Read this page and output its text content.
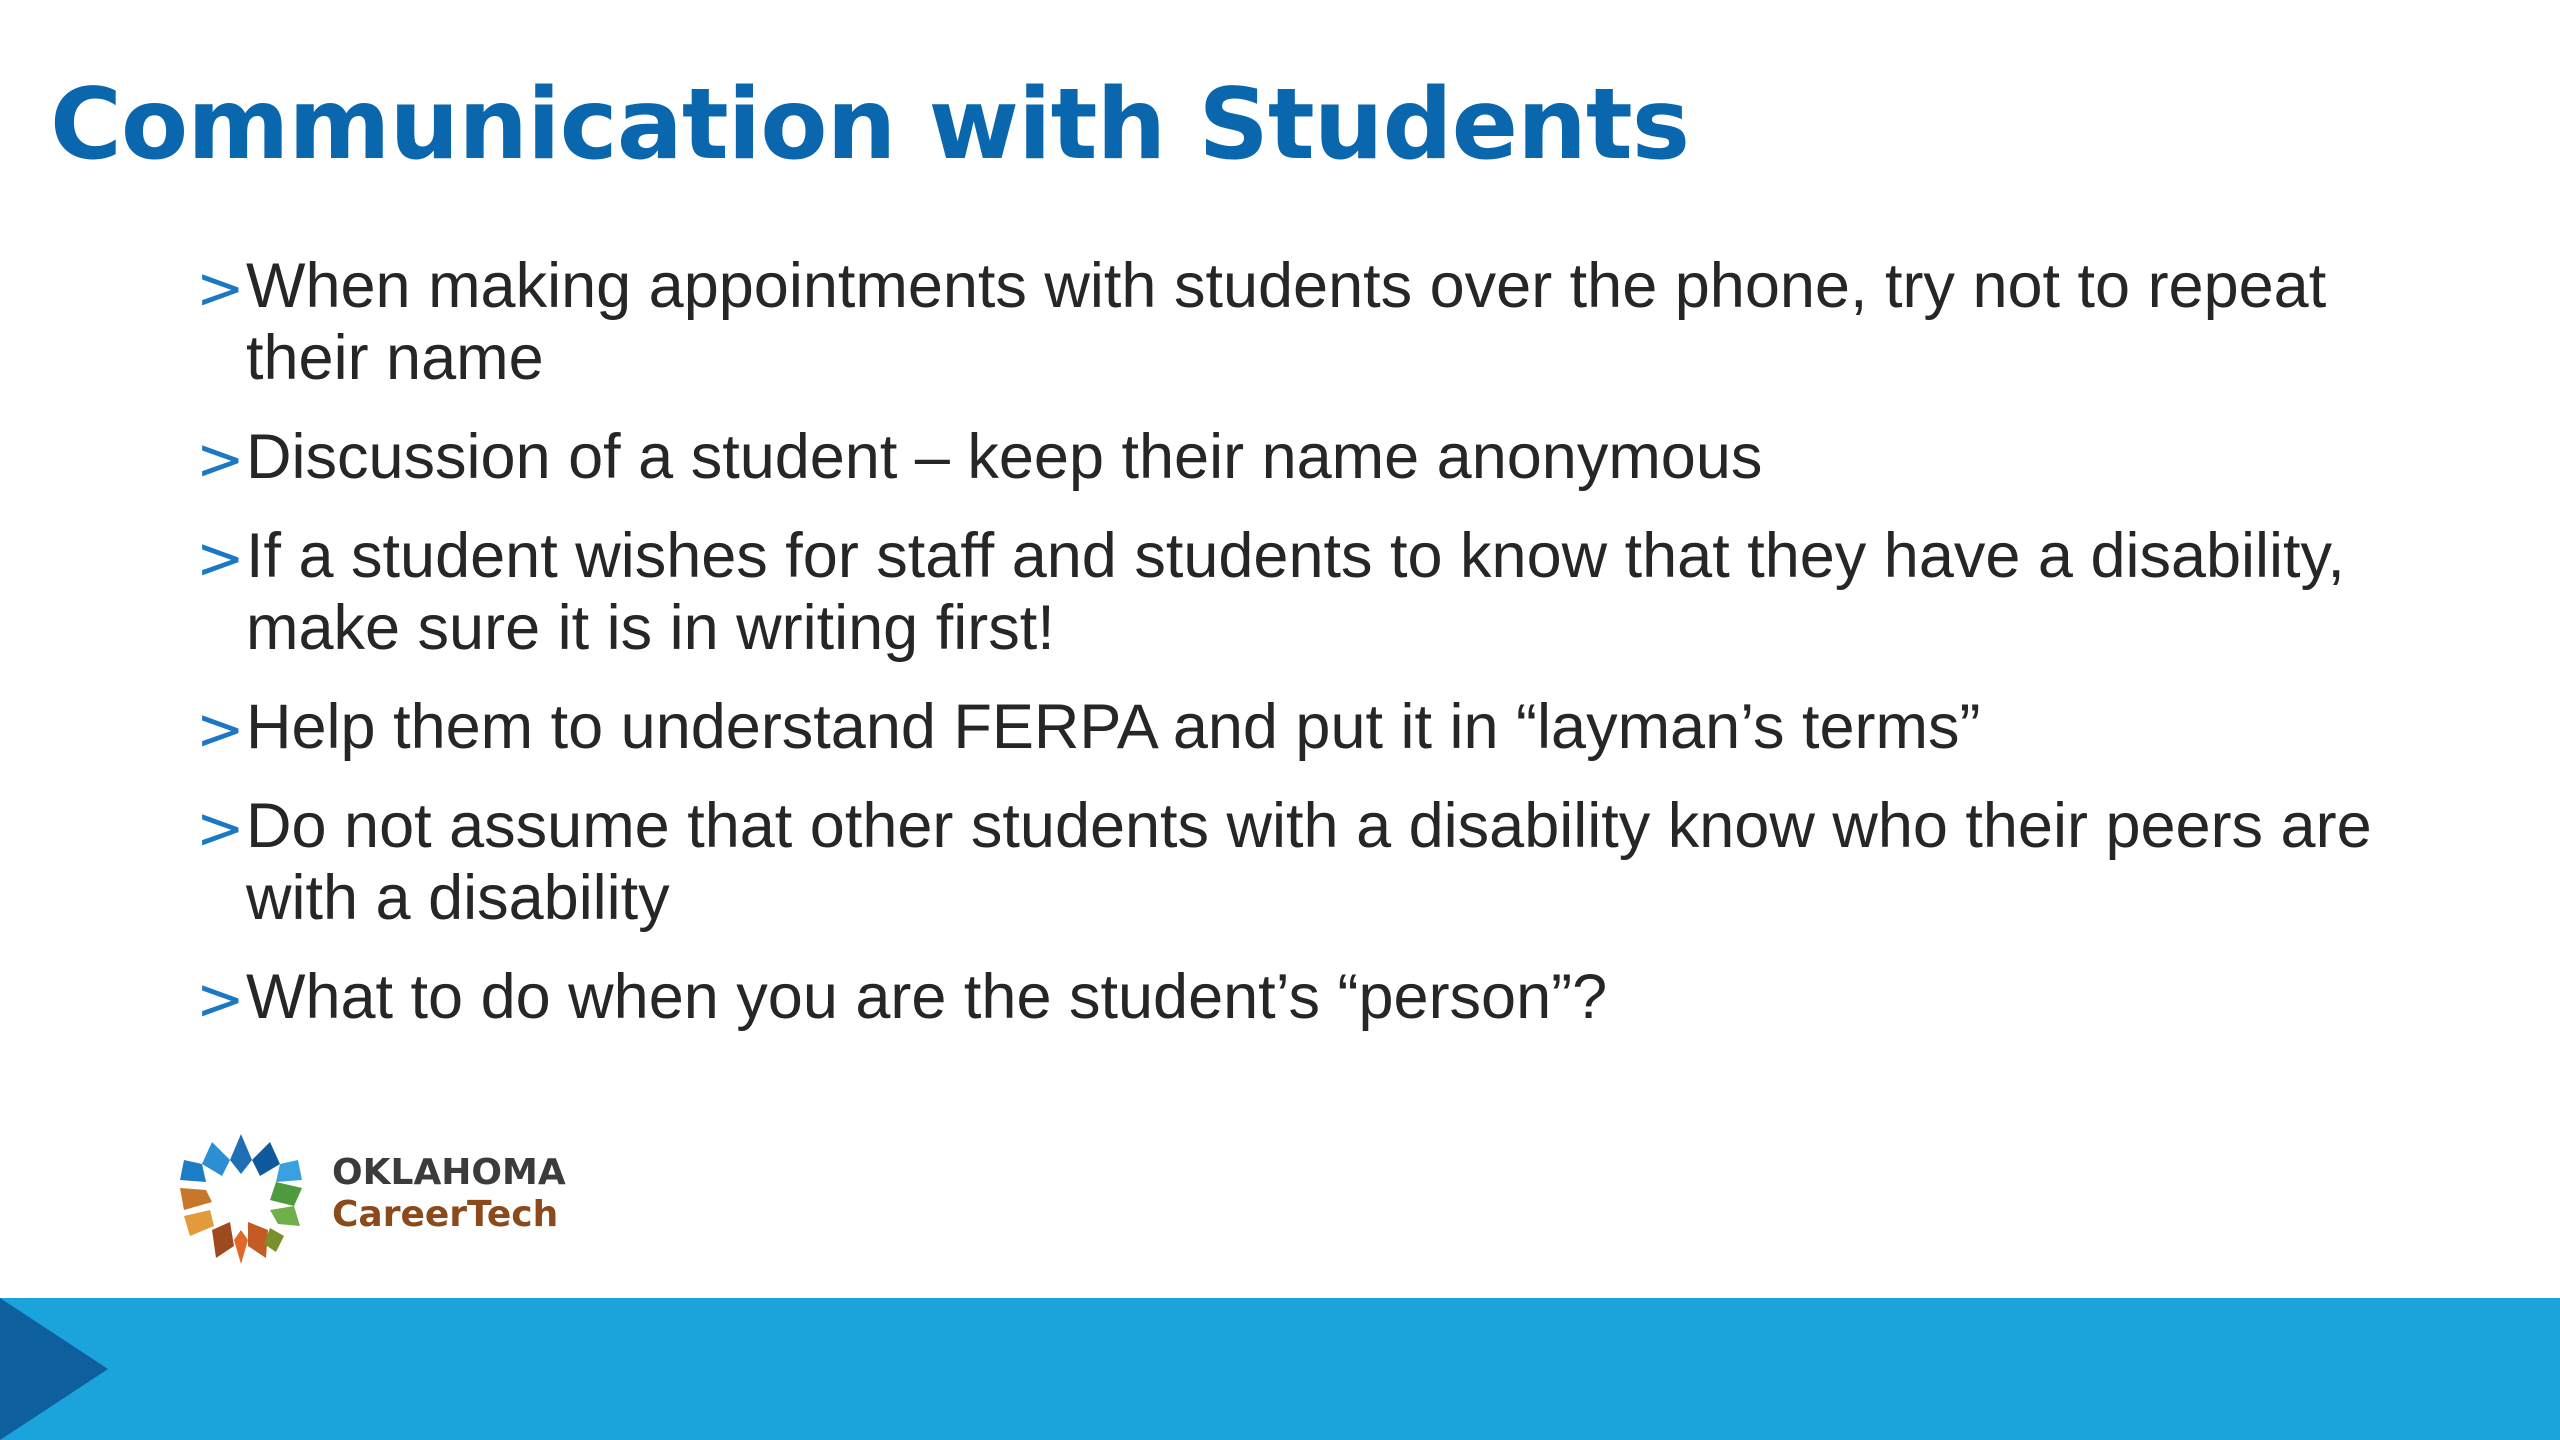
Communication with Students
> When making appointments with students over the phone, try not to repeat their name
> Discussion of a student – keep their name anonymous
> If a student wishes for staff and students to know that they have a disability, make sure it is in writing first!
> Help them to understand FERPA and put it in “layman’s terms”
> Do not assume that other students with a disability know who their peers are with a disability
> What to do when you are the student’s “person”?
OKLAHOMA
CareerTech
